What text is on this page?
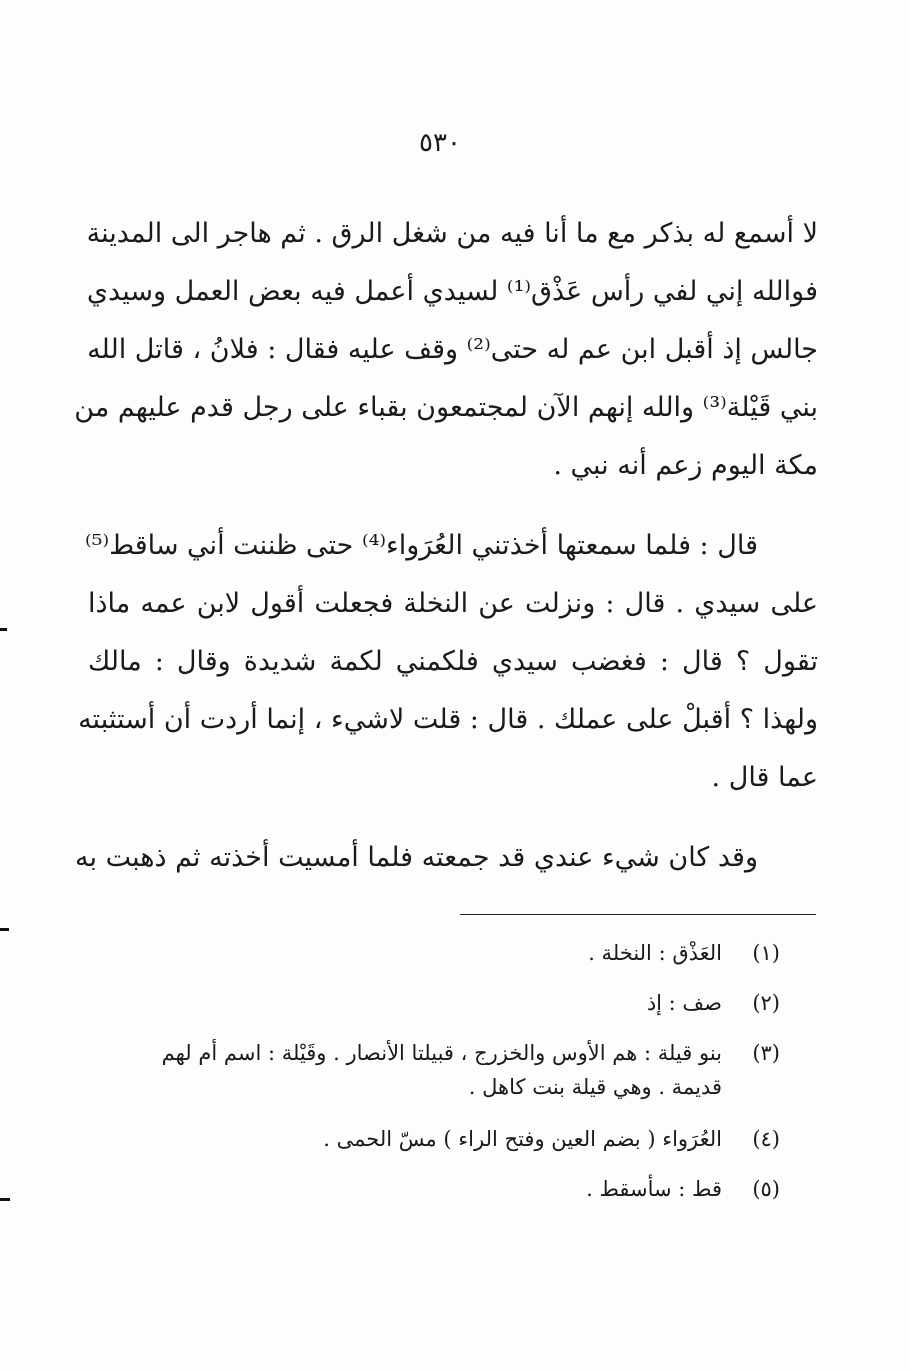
٥٣٠
لا أسمع له بذكر مع ما أنا فيه من شغل الرق . ثم هاجر الى المدينة
فوالله إني لفي رأس عَذْق⁽¹⁾ لسيدي أعمل فيه بعض العمل وسيدي
جالس إذ أقبل ابن عم له حتى⁽²⁾ وقف عليه فقال : فلانُ ، قاتل الله
بني قَيْلة⁽³⁾ والله إنهم الآن لمجتمعون بقباء على رجل قدم عليهم من
مكة اليوم زعم أنه نبي .
قال : فلما سمعتها أخذتني العُرَواء⁽⁴⁾ حتى ظننت أني ساقط⁽⁵⁾
على سيدي . قال : ونزلت عن النخلة فجعلت أقول لابن عمه ماذا
تقول ؟ قال : فغضب سيدي فلكمني لكمة شديدة وقال : مالك
ولهذا ؟ أقبلْ على عملك . قال : قلت لاشيء ، إنما أردت أن أستثبته
عما قال .
وقد كان شيء عندي قد جمعته فلما أمسيت أخذته ثم ذهبت به
(١)
العَذْق : النخلة .
(٢)
صف : إذ
(٣)
بنو قيلة : هم الأوس والخزرج ، قبيلتا الأنصار . وقَيْلة : اسم أم لهم
قديمة . وهي قيلة بنت كاهل .
(٤)
العُرَواء ( بضم العين وفتح الراء ) مسّ الحمى .
(٥)
قط : سأسقط .
